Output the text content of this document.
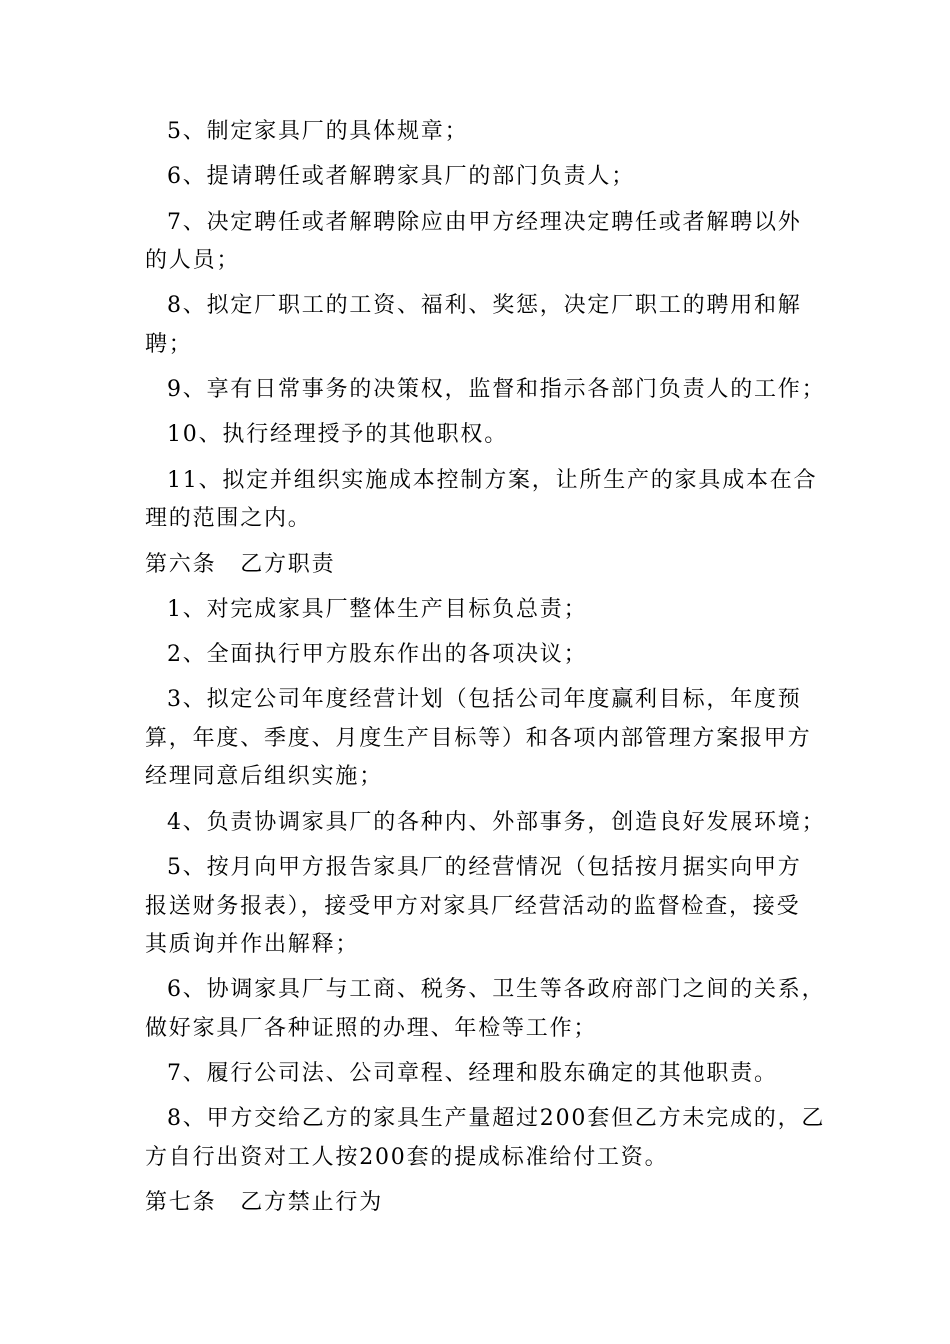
5、制定家具厂的具体规章；
6、提请聘任或者解聘家具厂的部门负责人；
7、决定聘任或者解聘除应由甲方经理决定聘任或者解聘以外
的人员；
8、拟定厂职工的工资、福利、奖惩，决定厂职工的聘用和解
聘；
9、享有日常事务的决策权，监督和指示各部门负责人的工作；
10、执行经理授予的其他职权。
11、拟定并组织实施成本控制方案，让所生产的家具成本在合
理的范围之内。
第六条　乙方职责
1、对完成家具厂整体生产目标负总责；
2、全面执行甲方股东作出的各项决议；
3、拟定公司年度经营计划（包括公司年度赢利目标，年度预
算，年度、季度、月度生产目标等）和各项内部管理方案报甲方
经理同意后组织实施；
4、负责协调家具厂的各种内、外部事务，创造良好发展环境；
5、按月向甲方报告家具厂的经营情况（包括按月据实向甲方
报送财务报表），接受甲方对家具厂经营活动的监督检查，接受
其质询并作出解释；
6、协调家具厂与工商、税务、卫生等各政府部门之间的关系，
做好家具厂各种证照的办理、年检等工作；
7、履行公司法、公司章程、经理和股东确定的其他职责。
8、甲方交给乙方的家具生产量超过200套但乙方未完成的，乙
方自行出资对工人按200套的提成标准给付工资。
第七条　乙方禁止行为
